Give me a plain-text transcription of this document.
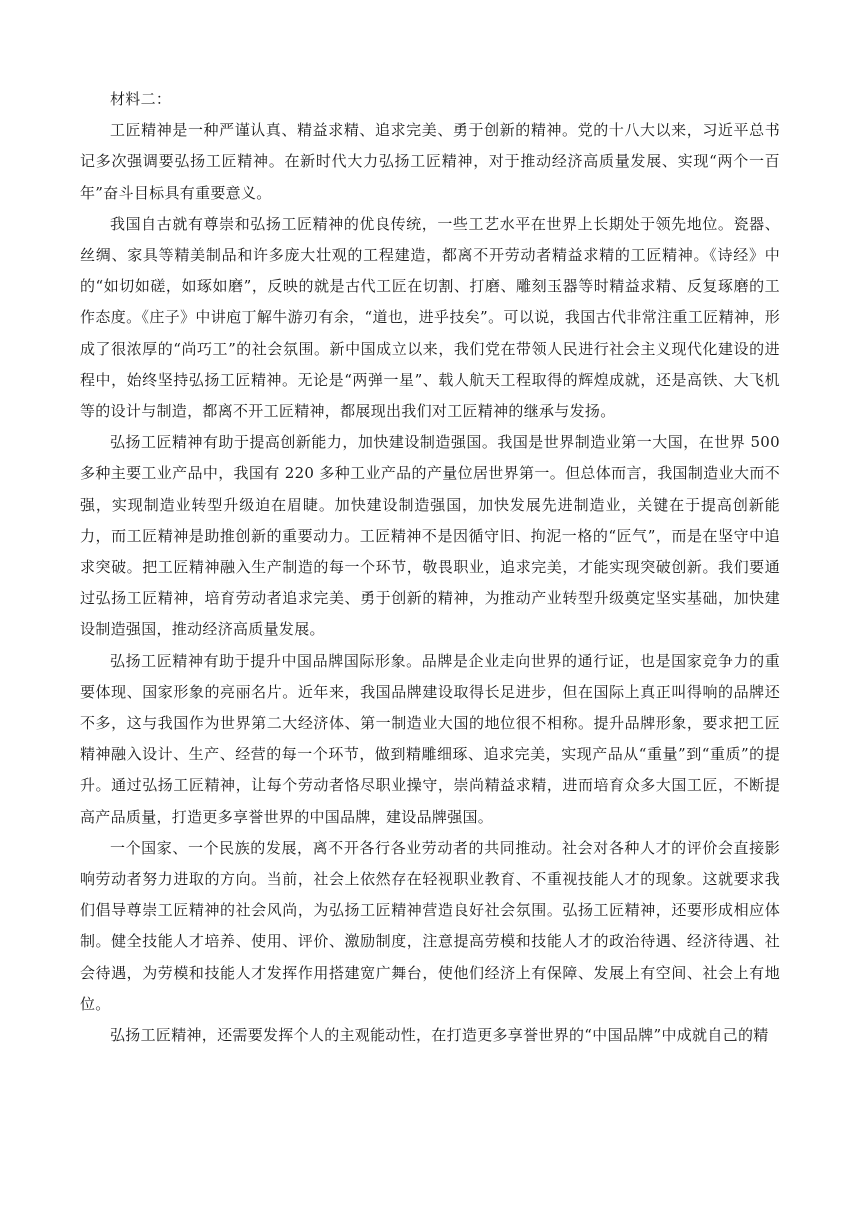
材料二：

工匠精神是一种严谨认真、精益求精、追求完美、勇于创新的精神。党的十八大以来，习近平总书记多次强调要弘扬工匠精神。在新时代大力弘扬工匠精神，对于推动经济高质量发展、实现“两个一百年”奋斗目标具有重要意义。

我国自古就有尊崇和弘扬工匠精神的优良传统，一些工艺水平在世界上长期处于领先地位。瓷器、丝绸、家具等精美制品和许多庞大壮观的工程建造，都离不开劳动者精益求精的工匠精神。《诗经》中的“如切如磋，如琢如磨”，反映的就是古代工匠在切割、打磨、雕刻玉器等时精益求精、反复琢磨的工作态度。《庄子》中讲庖丁解牛游刃有余，“道也，进乎技矣”。可以说，我国古代非常注重工匠精神，形成了很浓厚的“尚巧工”的社会氛围。新中国成立以来，我们党在带领人民进行社会主义现代化建设的进程中，始终坚持弘扬工匠精神。无论是“两弹一星”、载人航天工程取得的辉煌成就，还是高铁、大飞机等的设计与制造，都离不开工匠精神，都展现出我们对工匠精神的继承与发扬。

弘扬工匠精神有助于提高创新能力，加快建设制造强国。我国是世界制造业第一大国，在世界 500 多种主要工业产品中，我国有 220 多种工业产品的产量位居世界第一。但总体而言，我国制造业大而不强，实现制造业转型升级迫在眉睫。加快建设制造强国，加快发展先进制造业，关键在于提高创新能力，而工匠精神是助推创新的重要动力。工匠精神不是因循守旧、拘泥一格的“匠气”，而是在坚守中追求突破。把工匠精神融入生产制造的每一个环节，敬畏职业，追求完美，才能实现突破创新。我们要通过弘扬工匠精神，培育劳动者追求完美、勇于创新的精神，为推动产业转型升级奠定坚实基础，加快建设制造强国，推动经济高质量发展。

弘扬工匠精神有助于提升中国品牌国际形象。品牌是企业走向世界的通行证，也是国家竞争力的重要体现、国家形象的亮丽名片。近年来，我国品牌建设取得长足进步，但在国际上真正叫得响的品牌还不多，这与我国作为世界第二大经济体、第一制造业大国的地位很不相称。提升品牌形象，要求把工匠精神融入设计、生产、经营的每一个环节，做到精雕细琢、追求完美，实现产品从“重量”到“重质”的提升。通过弘扬工匠精神，让每个劳动者恪尽职业操守，崇尚精益求精，进而培育众多大国工匠，不断提高产品质量，打造更多享誉世界的中国品牌，建设品牌强国。

一个国家、一个民族的发展，离不开各行各业劳动者的共同推动。社会对各种人才的评价会直接影响劳动者努力进取的方向。当前，社会上依然存在轻视职业教育、不重视技能人才的现象。这就要求我们倡导尊崇工匠精神的社会风尚，为弘扬工匠精神营造良好社会氛围。弘扬工匠精神，还要形成相应体制。健全技能人才培养、使用、评价、激励制度，注意提高劳模和技能人才的政治待遇、经济待遇、社会待遇，为劳模和技能人才发挥作用搭建宽广舞台，使他们经济上有保障、发展上有空间、社会上有地位。

弘扬工匠精神，还需要发挥个人的主观能动性，在打造更多享誉世界的“中国品牌”中成就自己的精
